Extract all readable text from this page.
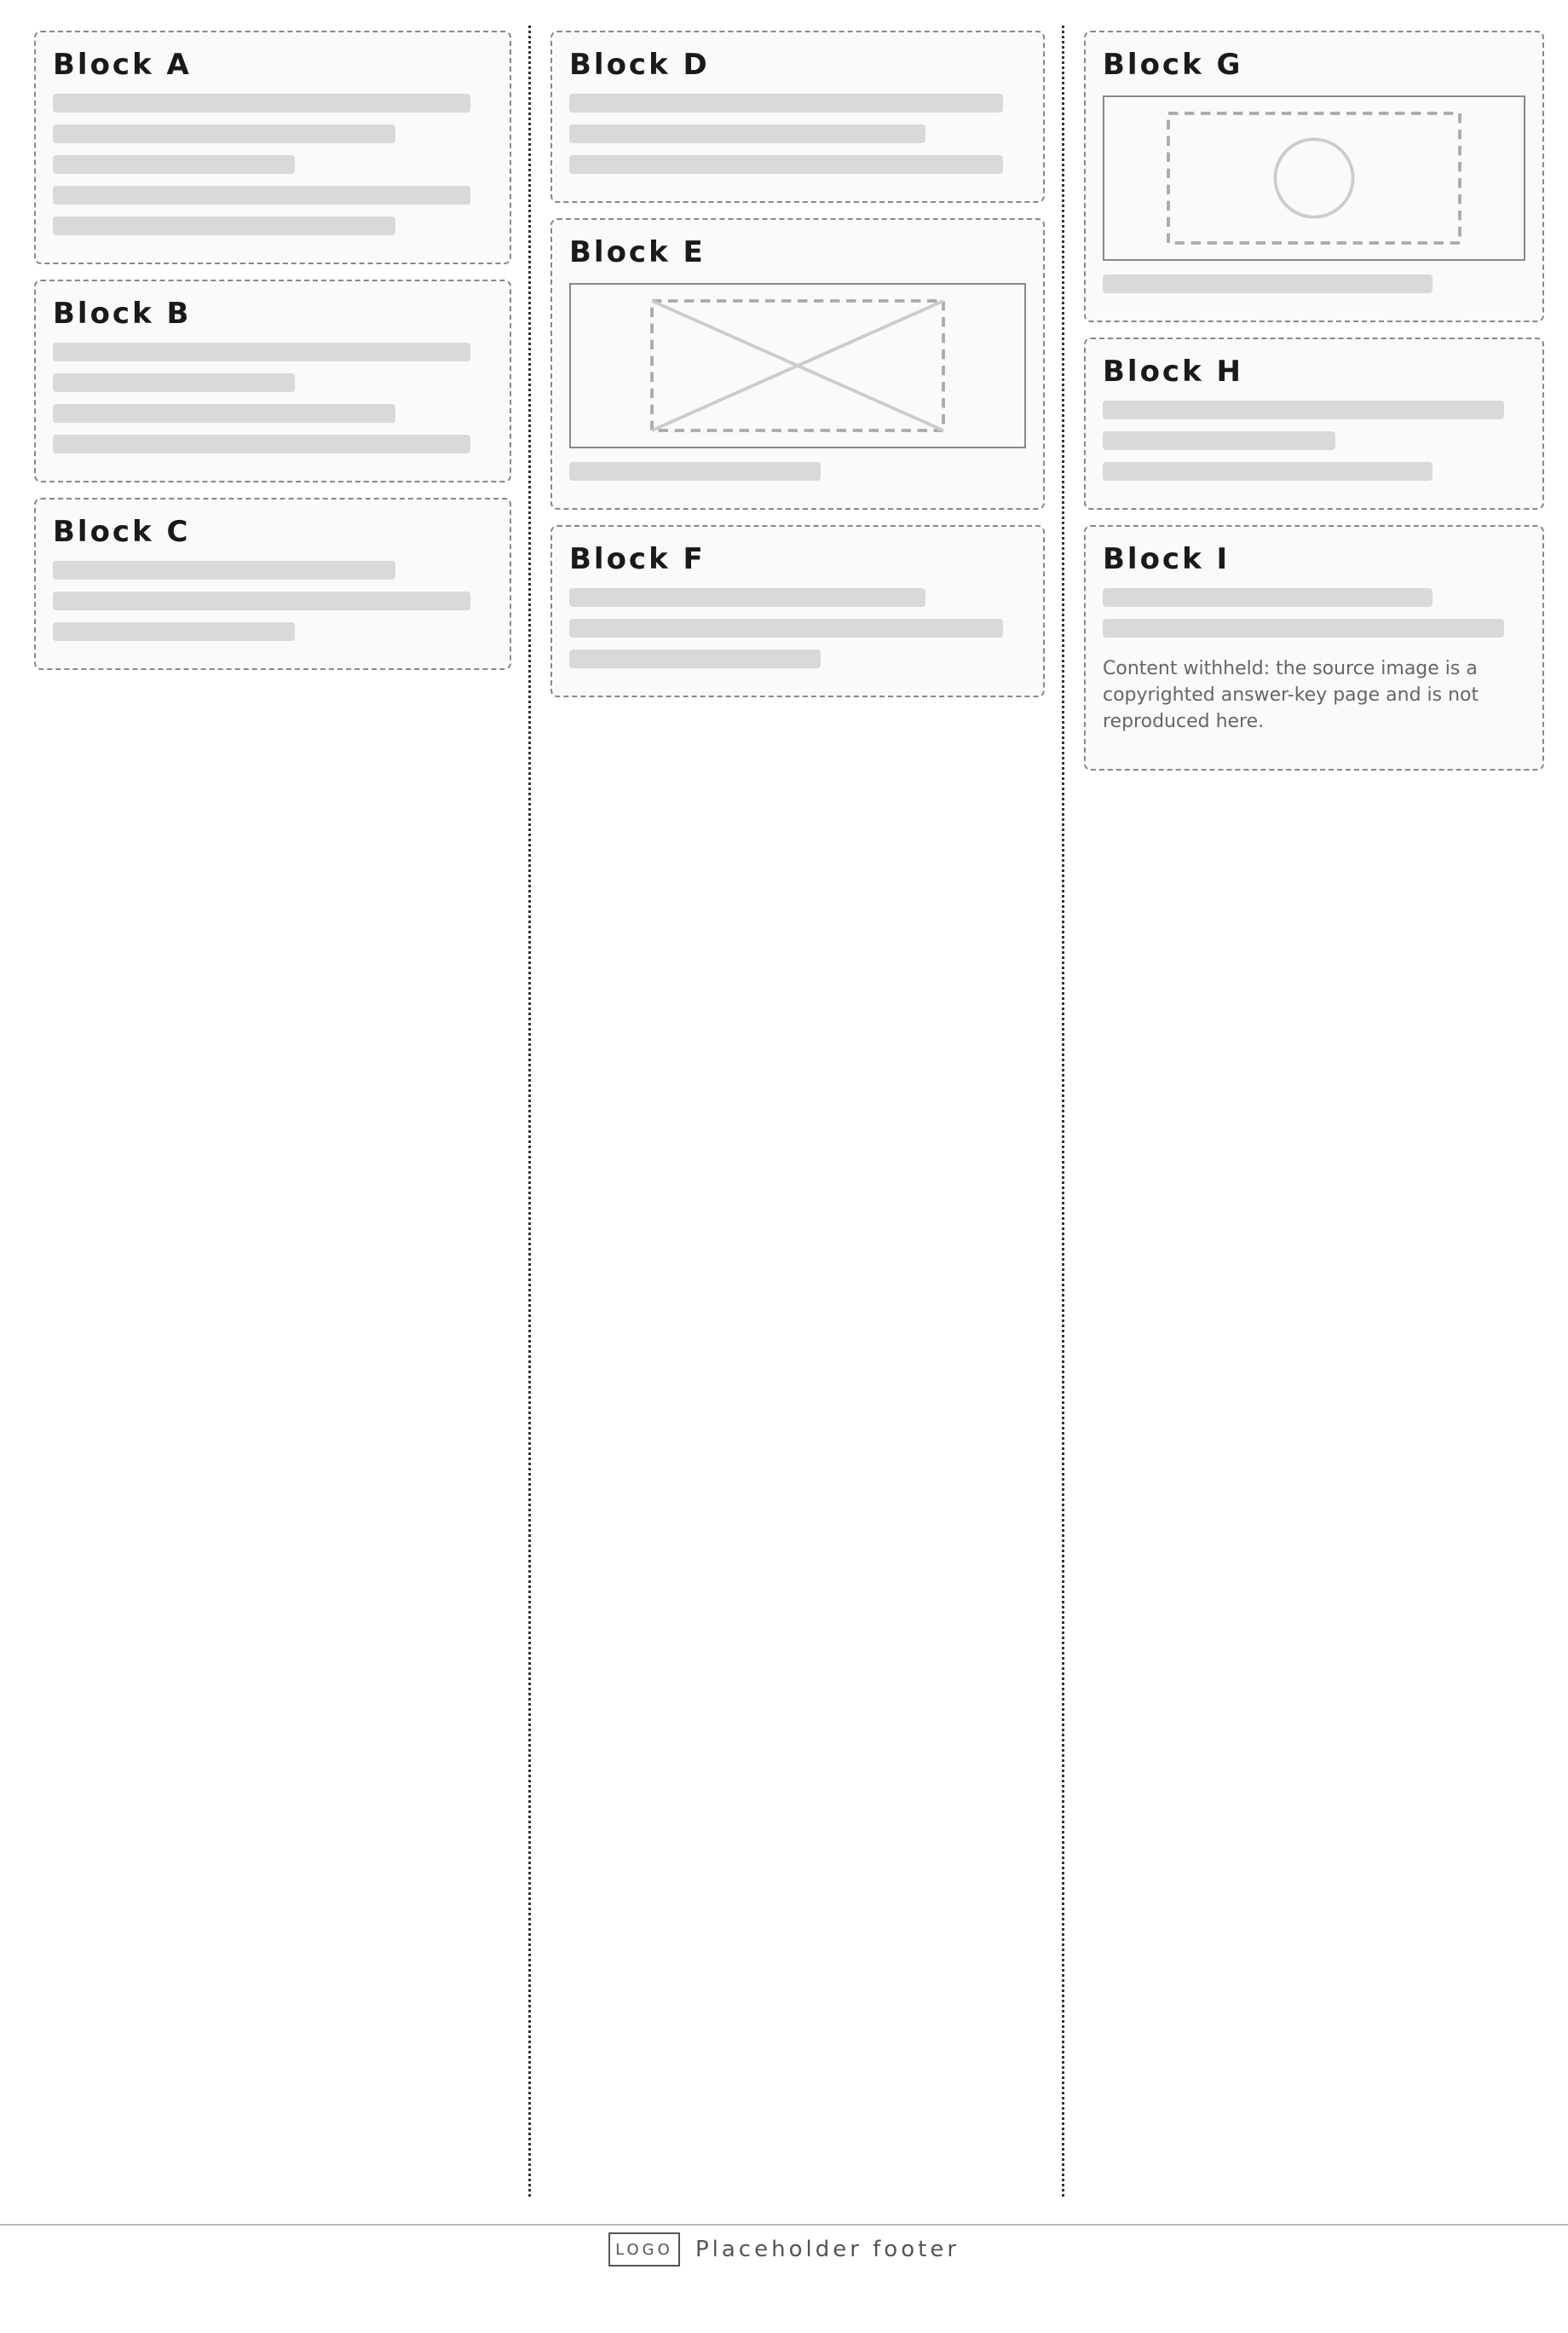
Block A

Block B

Block C

Block D

Block E

Block F

Block G

Block H

Block I

Content withheld: the source image is a copyrighted answer-key page and is not reproduced here.

LOGO	Placeholder footer
